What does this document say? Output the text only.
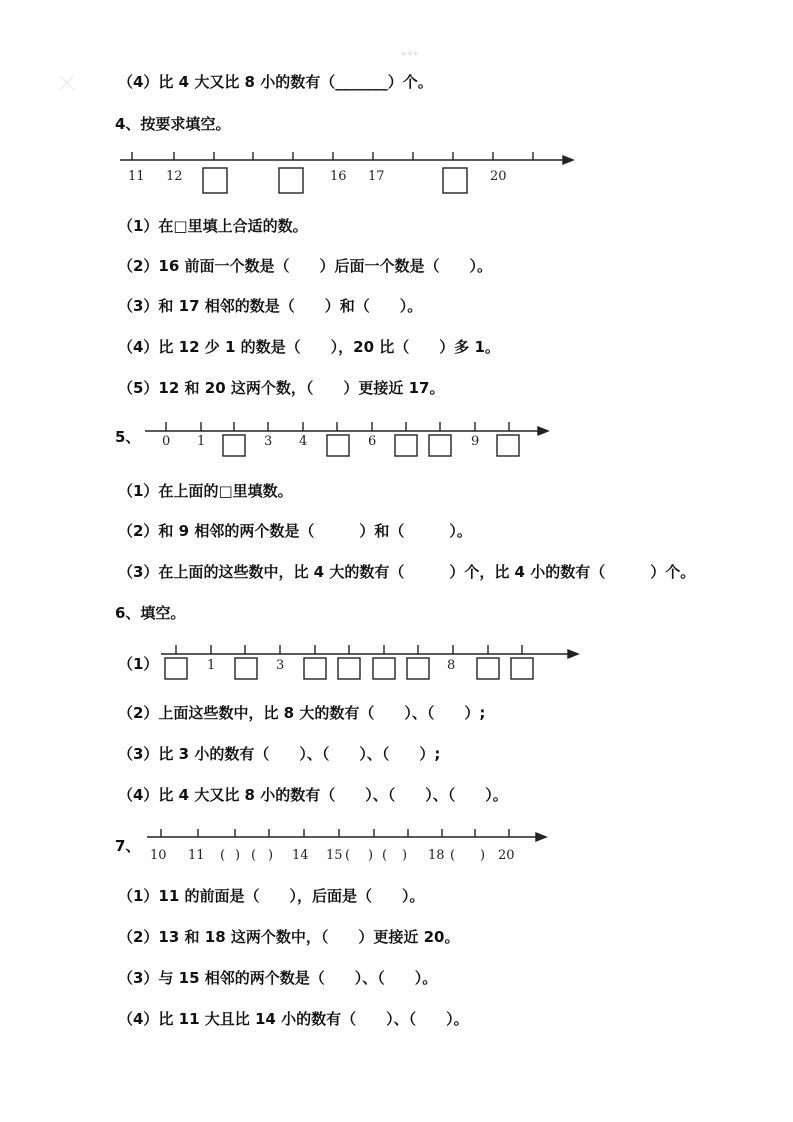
◦◦◦
（4）比 4 大又比 8 小的数有（_______）个。
4、按要求填空。
11 12	16 17	20
（1）在□里填上合适的数。
（2）16 前面一个数是（　　）后面一个数是（　　）。
（3）和 17 相邻的数是（　　）和（　　）。
（4）比 12 少 1 的数是（　　），20 比（　　）多 1。
（5）12 和 20 这两个数，（　　）更接近 17。
5、 0 1	3 4	6	9
（1）在上面的□里填数。
（2）和 9 相邻的两个数是（　　　）和（　　　）。
（3）在上面的这些数中，比 4 大的数有（　　　）个，比 4 小的数有（　　　）个。
6、填空。
（1）	1	3	8
（2）上面这些数中，比 8 大的数有（　　）、（　　）;
（3）比 3 小的数有（　　）、（　　）、（　　）;
（4）比 4 大又比 8 小的数有（　　）、（　　）、（　　）。
7、
10 11 ( ) ( ) 14 15 ( ) ( ) 18 ( ) 20
（1）11 的前面是（　　），后面是（　　）。
（2）13 和 18 这两个数中，（　　）更接近 20。
（3）与 15 相邻的两个数是（　　）、（　　）。
（4）比 11 大且比 14 小的数有（　　）、（　　）。
